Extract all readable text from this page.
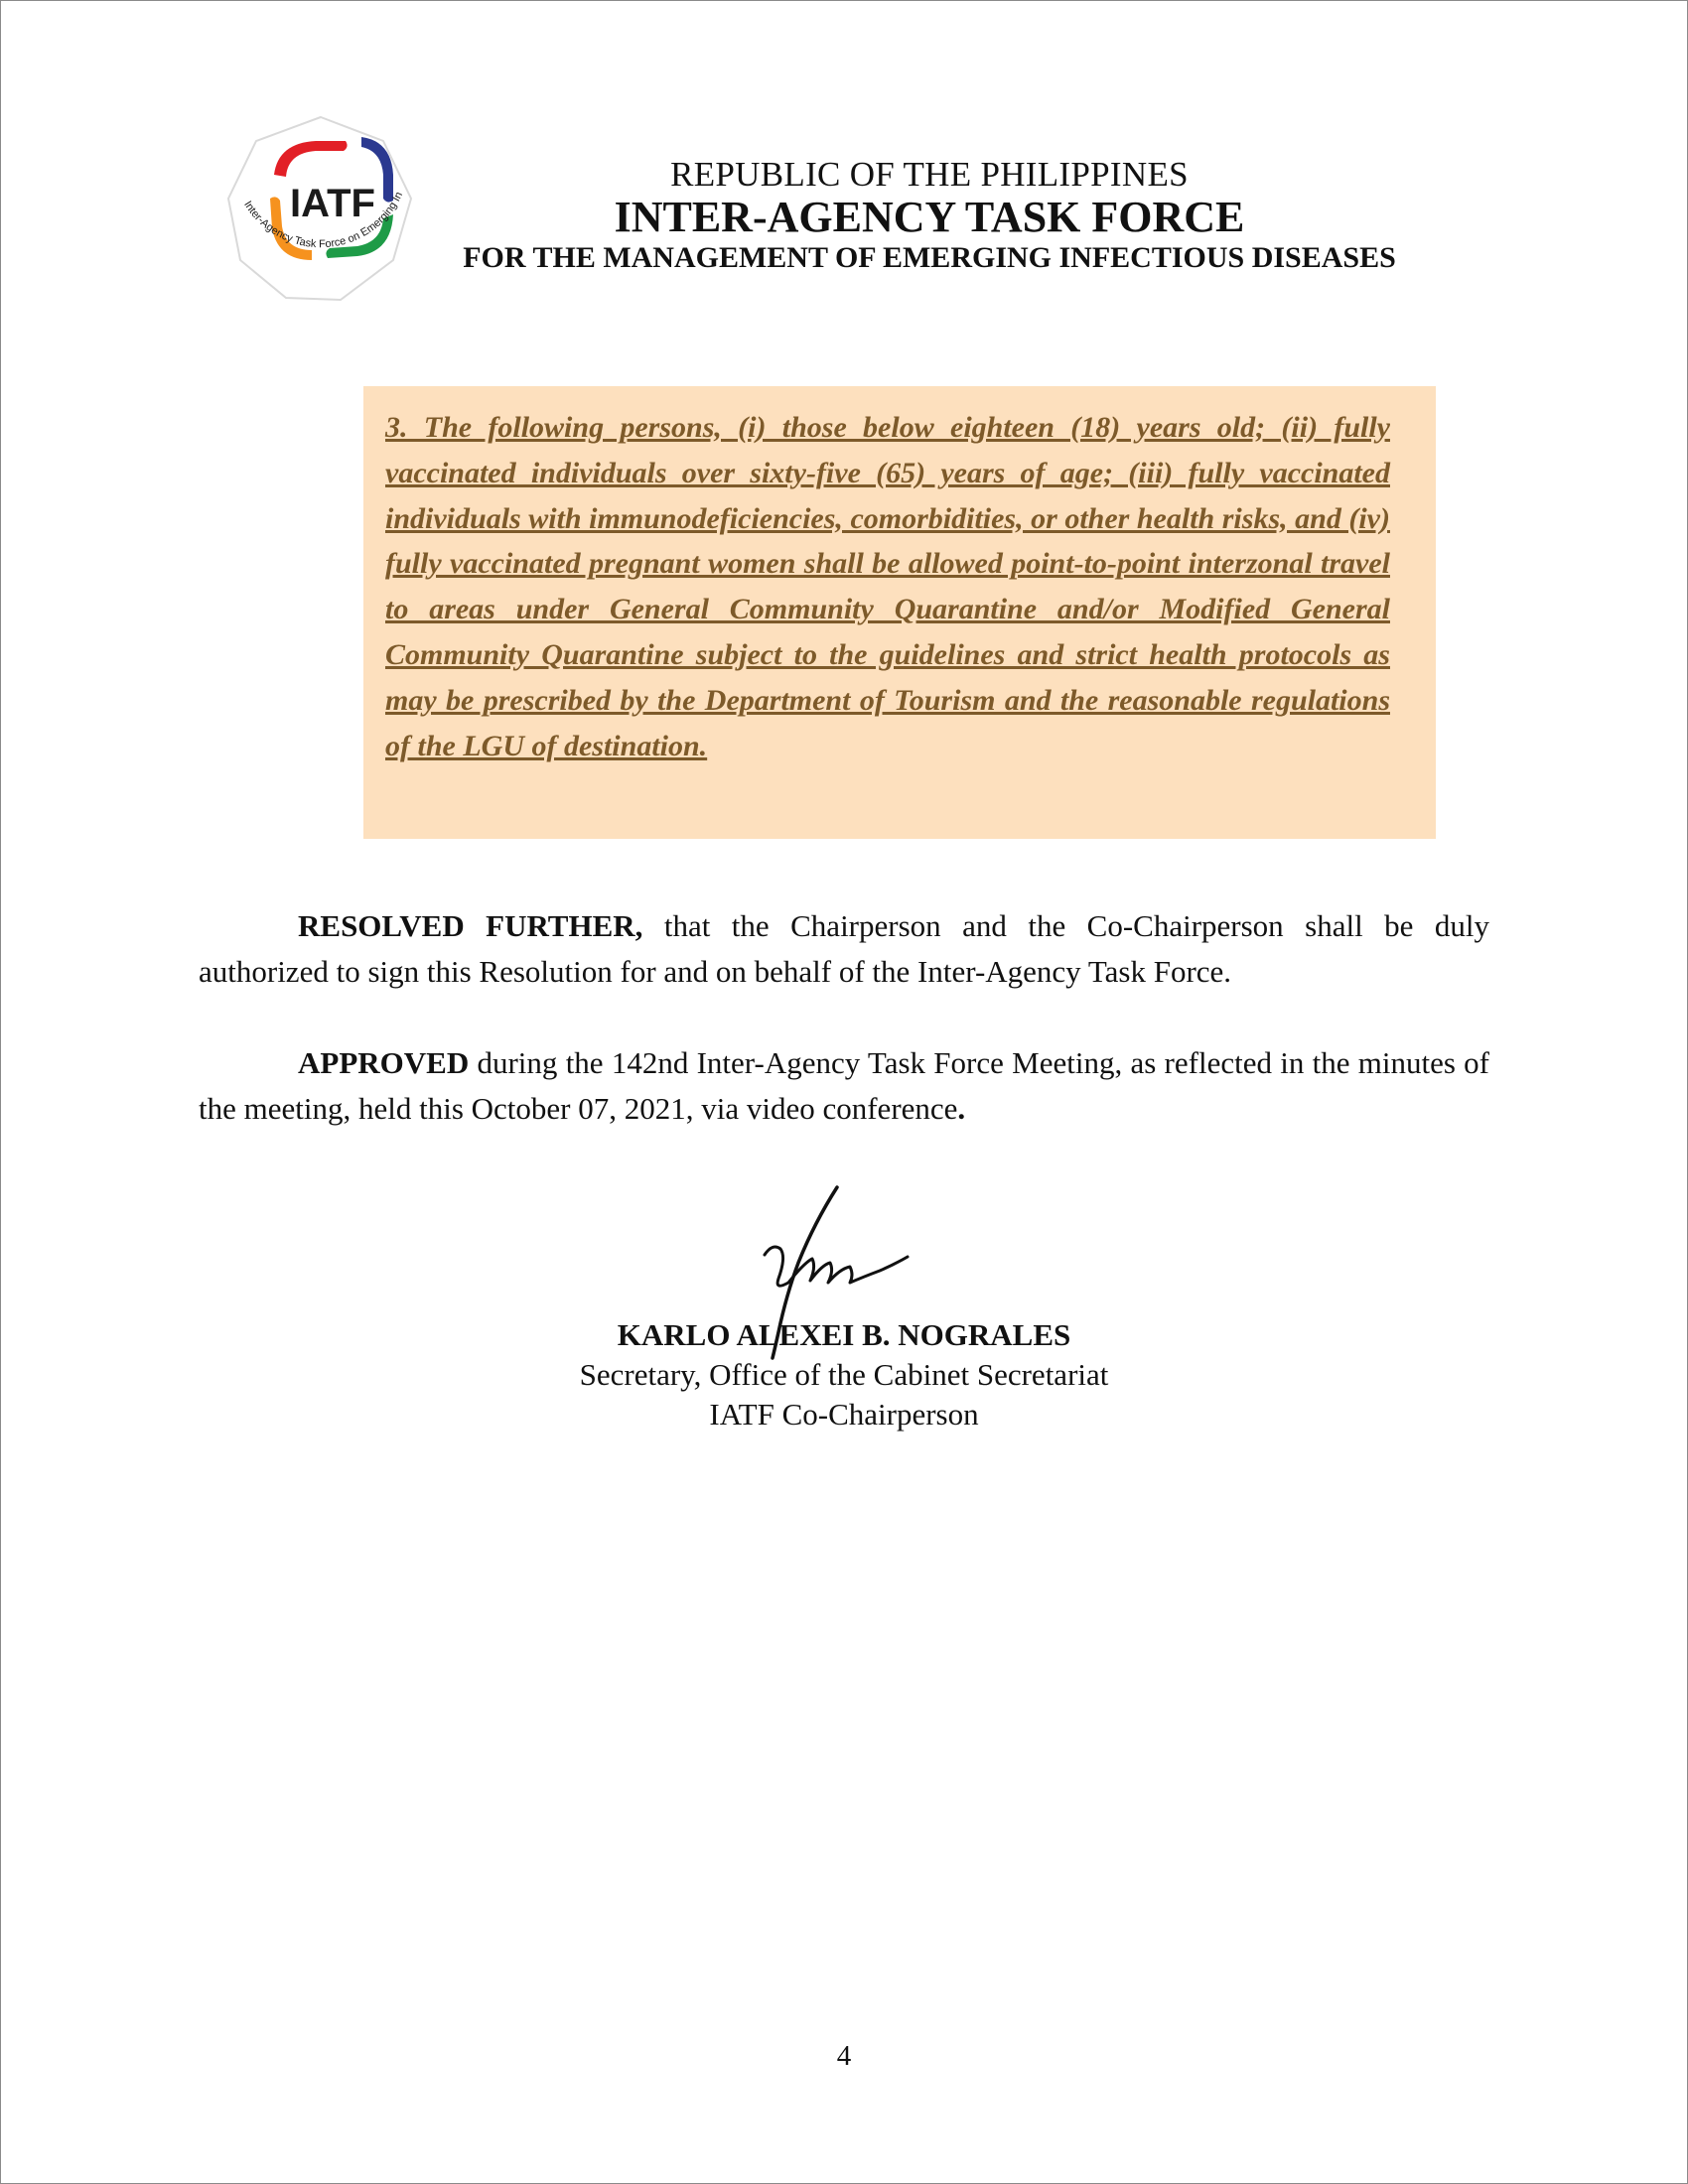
IATF
Inter-Agency Task Force on Emerging In
REPUBLIC OF THE PHILIPPINES
INTER-AGENCY TASK FORCE
FOR THE MANAGEMENT OF EMERGING INFECTIOUS DISEASES

3. The following persons, (i) those below eighteen (18) years old; (ii) fully vaccinated individuals over sixty-five (65) years of age; (iii) fully vaccinated individuals with immunodeficiencies, comorbidities, or other health risks, and (iv) fully vaccinated pregnant women shall be allowed point-to-point interzonal travel to areas under General Community Quarantine and/or Modified General Community Quarantine subject to the guidelines and strict health protocols as may be prescribed by the Department of Tourism and the reasonable regulations of the LGU of destination.

RESOLVED FURTHER, that the Chairperson and the Co-Chairperson shall be duly authorized to sign this Resolution for and on behalf of the Inter-Agency Task Force.

APPROVED during the 142nd Inter-Agency Task Force Meeting, as reflected in the minutes of the meeting, held this October 07, 2021, via video conference.

KARLO ALEXEI B. NOGRALES
Secretary, Office of the Cabinet Secretariat
IATF Co-Chairperson
4
